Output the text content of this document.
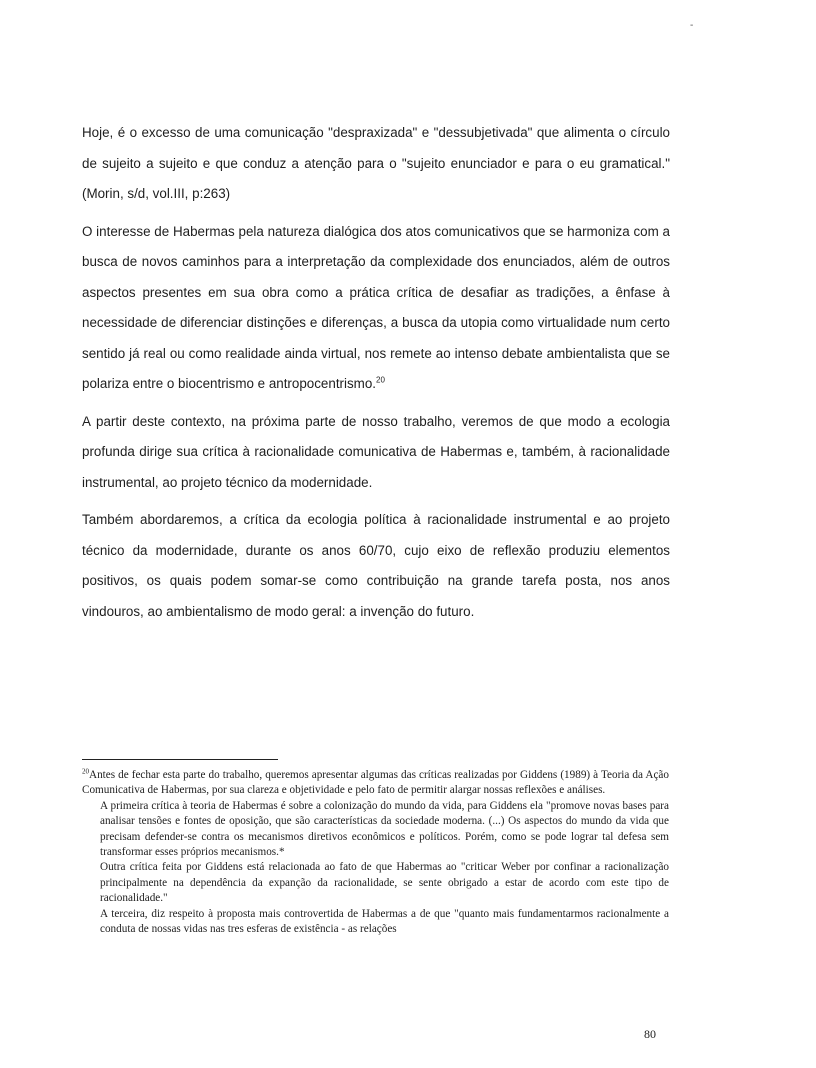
-

Hoje, é o excesso de uma comunicação "despraxizada" e "dessubjetivada" que alimenta o círculo de sujeito a sujeito e que conduz a atenção para o "sujeito enunciador e para o eu gramatical." (Morin, s/d, vol.III, p:263)

O interesse de Habermas pela natureza dialógica dos atos comunicativos que se harmoniza com a busca de novos caminhos para a interpretação da complexidade dos enunciados, além de outros aspectos presentes em sua obra como a prática crítica de desafiar as tradições, a ênfase à necessidade de diferenciar distinções e diferenças, a busca da utopia como virtualidade num certo sentido já real ou como realidade ainda virtual, nos remete ao intenso debate ambientalista que se polariza entre o biocentrismo e antropocentrismo.$^{20}$

A partir deste contexto, na próxima parte de nosso trabalho, veremos de que modo a ecologia profunda dirige sua crítica à racionalidade comunicativa de Habermas e, também, à racionalidade instrumental, ao projeto técnico da modernidade.

Também abordaremos, a crítica da ecologia política à racionalidade instrumental e ao projeto técnico da modernidade, durante os anos 60/70, cujo eixo de reflexão produziu elementos positivos, os quais podem somar-se como contribuição na grande tarefa posta, nos anos vindouros, ao ambientalismo de modo geral: a invenção do futuro.

$^{20}$Antes de fechar esta parte do trabalho, queremos apresentar algumas das críticas realizadas por Giddens (1989) à Teoria da Ação Comunicativa de Habermas, por sua clareza e objetividade e pelo fato de permitir alargar nossas reflexões e análises.

A primeira crítica à teoria de Habermas é sobre a colonização do mundo da vida, para Giddens ela "promove novas bases para analisar tensões e fontes de oposição, que são características da sociedade moderna. (...) Os aspectos do mundo da vida que precisam defender-se contra os mecanismos diretivos econômicos e políticos. Porém, como se pode lograr tal defesa sem transformar esses próprios mecanismos.*

Outra crítica feita por Giddens está relacionada ao fato de que Habermas ao "criticar Weber por confinar a racionalização principalmente na dependência da expanção da racionalidade, se sente obrigado a estar de acordo com este tipo de racionalidade."

A terceira, diz respeito à proposta mais controvertida de Habermas a de que "quanto mais fundamentarmos racionalmente a conduta de nossas vidas nas tres esferas de existência - as relações

80
